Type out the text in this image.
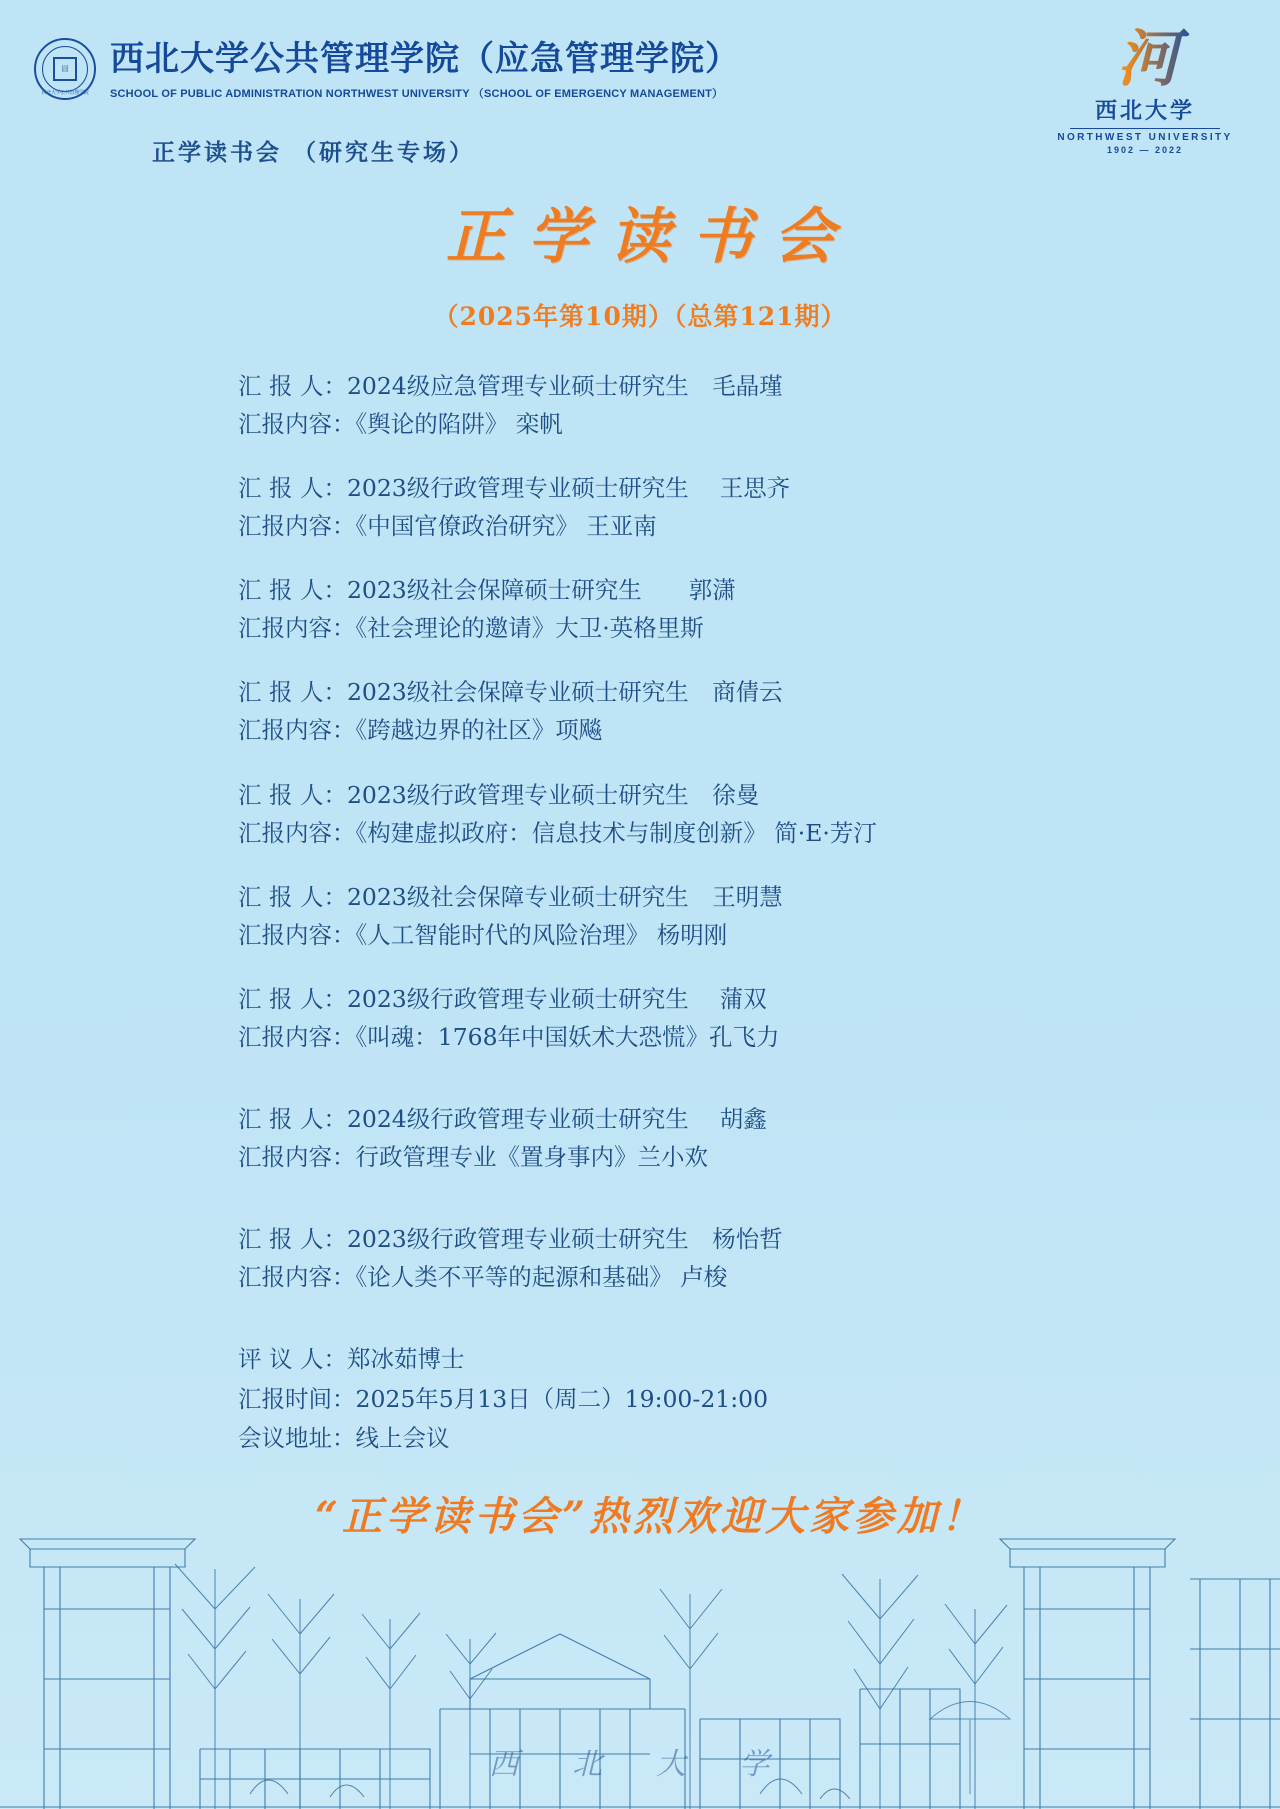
囧
西北大学公共管理学院
西北大学公共管理学院（应急管理学院）
SCHOOL OF PUBLIC ADMINISTRATION NORTHWEST UNIVERSITY （SCHOOL OF EMERGENCY MANAGEMENT）	河
西北大学
NORTHWEST UNIVERSITY
1902 — 2022
正学读书会 （研究生专场）
正学读书会
（2025年第10期）（总第121期）
汇 报 人：2024级应急管理专业硕士研究生　毛晶瑾
汇报内容：《舆论的陷阱》 栾帆
汇 报 人：2023级行政管理专业硕士研究生　 王思齐
汇报内容：《中国官僚政治研究》 王亚南
汇 报 人：2023级社会保障硕士研究生　　郭潇
汇报内容：《社会理论的邀请》大卫·英格里斯
汇 报 人：2023级社会保障专业硕士研究生　商倩云
汇报内容：《跨越边界的社区》项飚
汇 报 人：2023级行政管理专业硕士研究生　徐曼
汇报内容：《构建虚拟政府：信息技术与制度创新》 简·E·芳汀
汇 报 人：2023级社会保障专业硕士研究生　王明慧
汇报内容：《人工智能时代的风险治理》 杨明刚
汇 报 人：2023级行政管理专业硕士研究生　 蒲双
汇报内容：《叫魂：1768年中国妖术大恐慌》孔飞力
汇 报 人：2024级行政管理专业硕士研究生　 胡鑫
汇报内容：行政管理专业《置身事内》兰小欢
汇 报 人：2023级行政管理专业硕士研究生　杨怡哲
汇报内容：《论人类不平等的起源和基础》 卢梭
评 议 人：郑冰茹博士
汇报时间：2025年5月13日（周二）19:00-21:00
会议地址：线上会议
“正学读书会”热烈欢迎大家参加！
西 北 大 学
